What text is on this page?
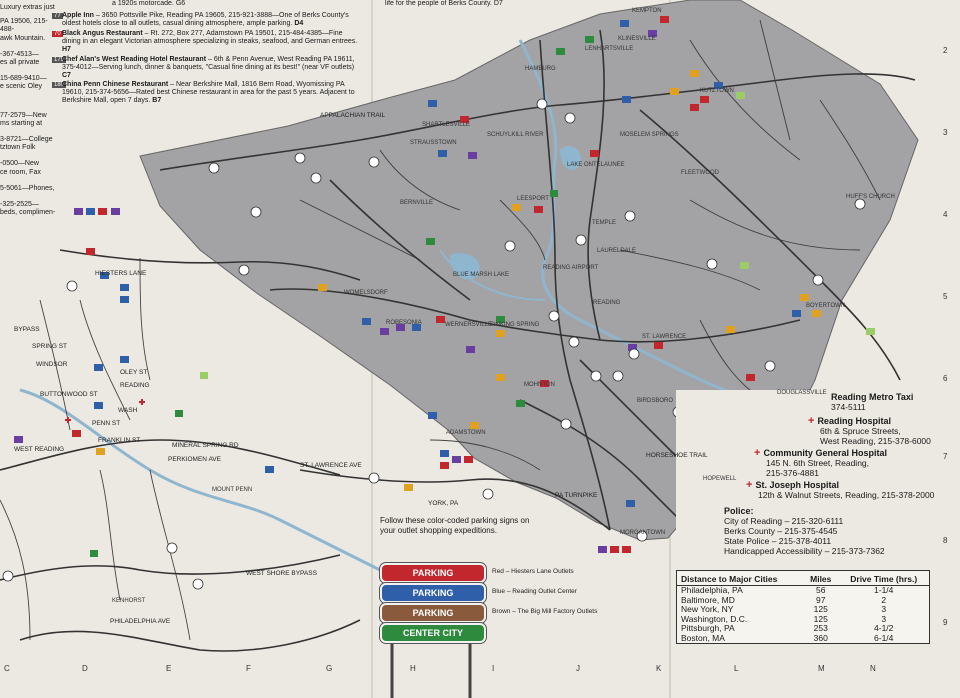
a 1920s motorcade. G6	life for the people of Berks County. D7
Luxury extras just
PA 19506, 215-488-
awk Mountain.
-367-4513—
es all private
15-689-9410—
e scenic Oley
77-2579—New
ms starting at
3-8721—College
tztown Folk
-0500—New
ce room, Fax
5-5061—Phones,
-325-2525—
beds, complimen-
77 Apple Inn – 3650 Pottsville Pike, Reading PA 19605, 215-921-3888—One of Berks County's oldest hotels close to all outlets, casual dining atmosphere, ample parking. D4
70 Black Angus Restaurant – Rt. 272, Box 277, Adamstown PA 19501, 215-484-4385—Fine dining in an elegant Victorian atmosphere specializing in steaks, seafood, and German entrees. H7
179
Chef Alan's West Reading Hotel Restaurant – 6th & Penn Avenue, West Reading PA 19611, 375-4012—Serving lunch, dinner & banquets, "Casual fine dining at its best!" (near VF outlets) C7
180
China Penn Chinese Restaurant – Near Berkshire Mall, 1816 Bern Road, Wyomissing PA 19610, 215-374-5656—Rated best Chinese restaurant in area for the past 5 years. Adjacent to Berkshire Mall, open 7 days. B7
KEMPTON
KLINESVILLE
LENHARTSVILLE
HAMBURG
KUTZTOWN
SHARTLESVILLE
STRAUSSTOWN
SCHUYLKILL RIVER	MOSELEM SPRINGS
LAKE ONTELAUNEE
FLEETWOOD
HUFF'S CHURCH
BERNVILLE
LEESPORT
TEMPLE
LAURELDALE
BLUE MARSH LAKE
READING AIRPORT
READING
WOMELSDORF
ROBESONIA	WERNERSVILLE
SINKING SPRING
ST. LAWRENCE
BOYERTOWN
DOUGLASSVILLE
MOHNTON
BIRDSBORO
ADAMSTOWN
HOPEWELL
MORGANTOWN
MOUNT PENN
KENHORST
APPALACHIAN TRAIL
MINERAL SPRING RD
PERKIOMEN AVE
ST. LAWRENCE AVE
WEST SHORE BYPASS
PHILADELPHIA AVE
HORSESHOE TRAIL
PA TURNPIKE
HIESTERS LANE
SPRING ST
WINDSOR
OLEY ST
READING
BUTTONWOOD ST
WASH
PENN ST
FRANKLIN ST
WEST READING
BYPASS
YORK, PA
Follow these color-coded parking signs on your outlet shopping expeditions.
PARKING	Red – Hiesters Lane Outlets
PARKING	Blue – Reading Outlet Center
PARKING	Brown – The Big Mill Factory Outlets
CENTER CITY
Reading Metro Taxi
374-5111
+ Reading Hospital
6th & Spruce Streets,
West Reading, 215-378-6000
+ Community General Hospital
145 N. 6th Street, Reading,
215-376-4881
+ St. Joseph Hospital
12th & Walnut Streets, Reading, 215-378-2000
Police:
City of Reading – 215-320-6111
Berks County – 215-375-4545
State Police – 215-378-4011
Handicapped Accessibility – 215-373-7362
Distance to Major Cities	Miles	Drive Time (hrs.)
Philadelphia, PA	56	1-1/4
Baltimore, MD	97	2
New York, NY	125	3
Washington, D.C.	125	3
Pittsburgh, PA	253	4-1/2
Boston, MA	360	6-1/4
C	D	E	F	G	H	I	J	K	L	M	N
2
3
4
5
6
7
8
9
